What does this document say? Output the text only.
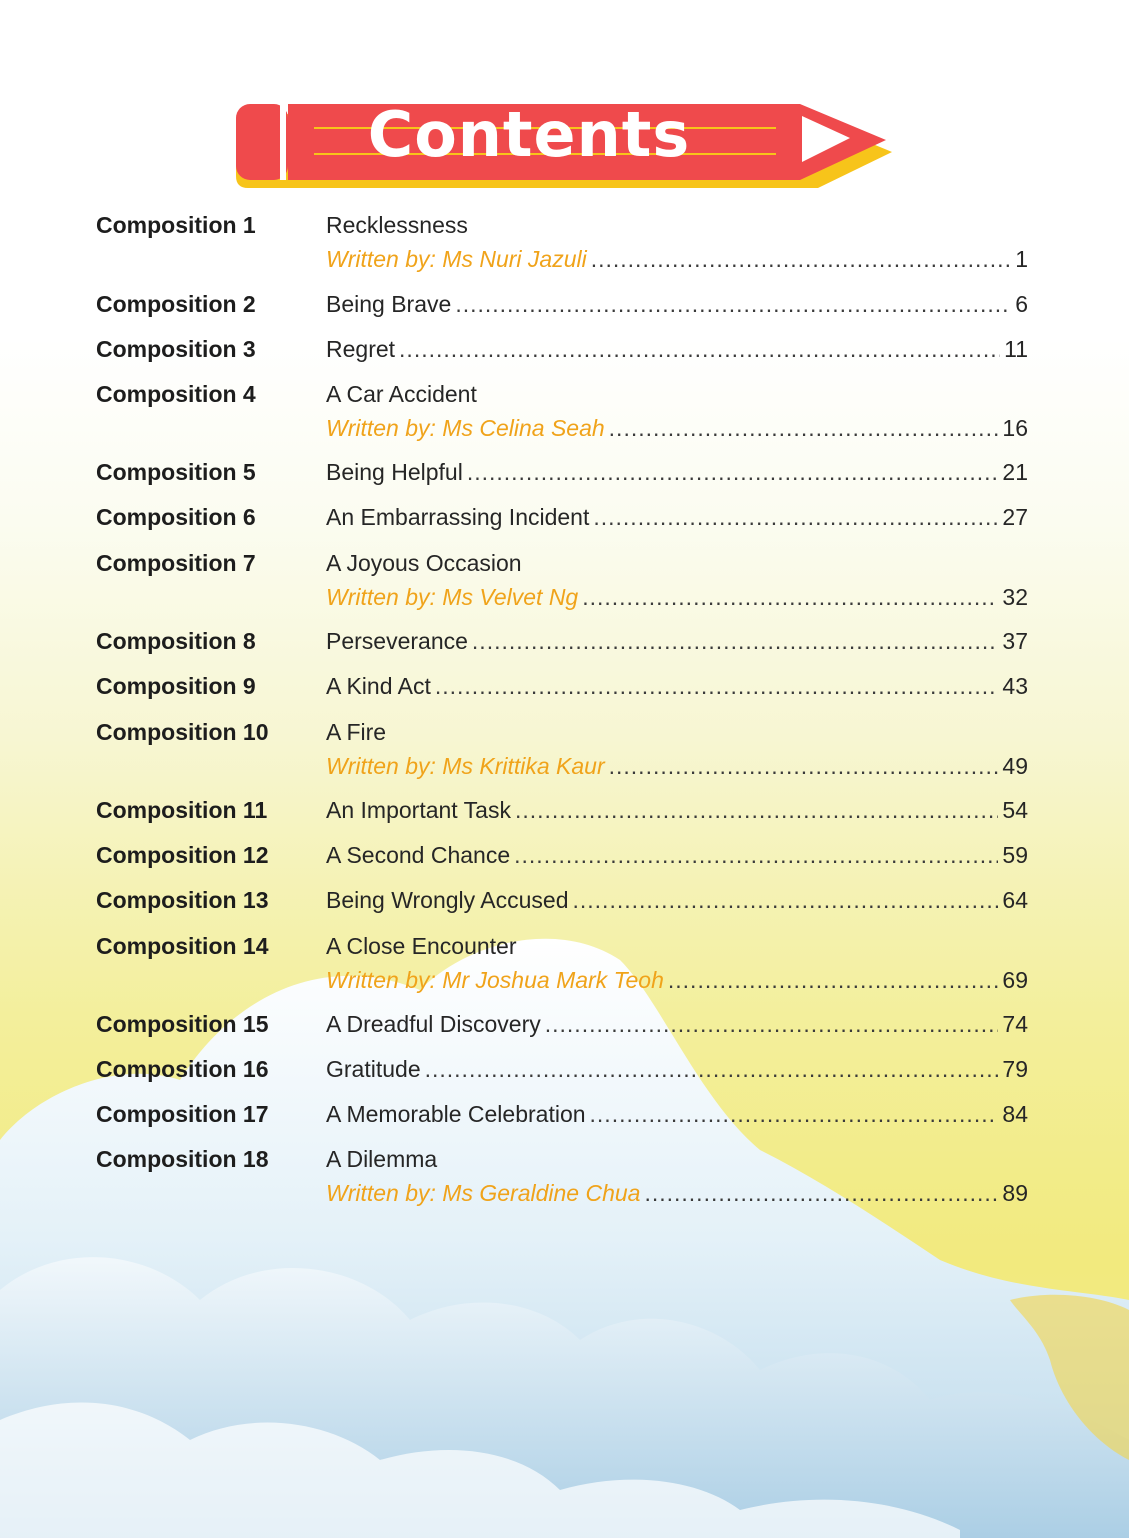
Contents
Composition 1	Recklessness
Written by: Ms Nuri Jazuli .....	1
Composition 2	Being Brave .....	6
Composition 3	Regret .....	11
Composition 4	A Car Accident
Written by: Ms Celina Seah .....	16
Composition 5	Being Helpful .....	21
Composition 6	An Embarrassing Incident .....	27
Composition 7	A Joyous Occasion
Written by: Ms Velvet Ng .....	32
Composition 8	Perseverance .....	37
Composition 9	A Kind Act .....	43
Composition 10	A Fire
Written by: Ms Krittika Kaur .....	49
Composition 11	An Important Task .....	54
Composition 12	A Second Chance .....	59
Composition 13	Being Wrongly Accused .....	64
Composition 14	A Close Encounter
Written by: Mr Joshua Mark Teoh .....	69
Composition 15	A Dreadful Discovery .....	74
Composition 16	Gratitude .....	79
Composition 17	A Memorable Celebration .....	84
Composition 18	A Dilemma
Written by: Ms Geraldine Chua .....	89
